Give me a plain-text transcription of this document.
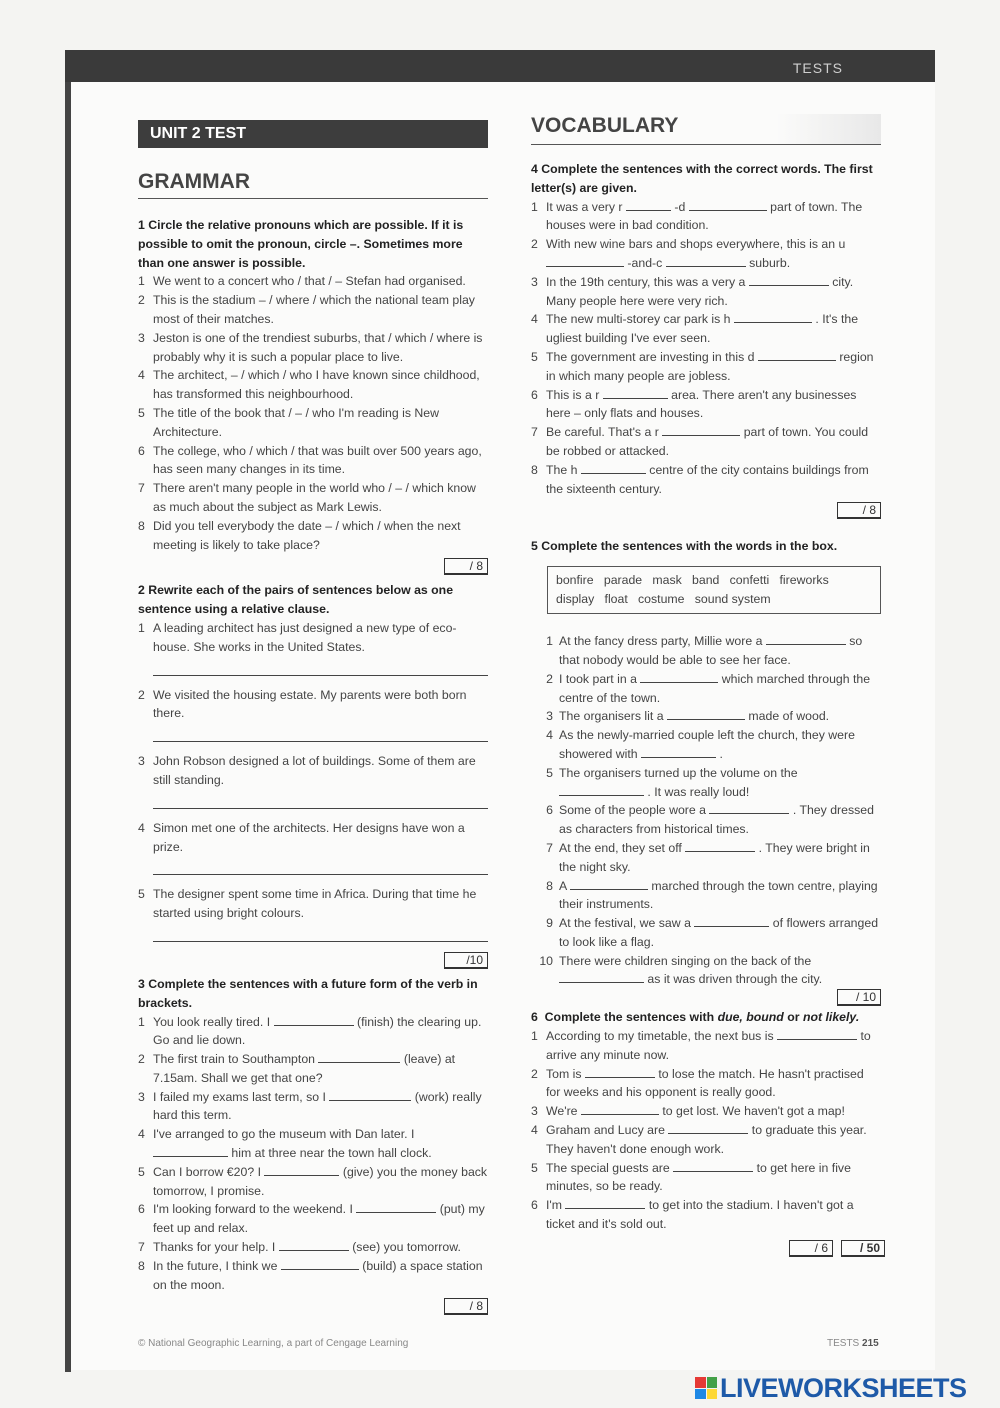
TESTS
UNIT 2 TEST
GRAMMAR
VOCABULARY
1 Circle the relative pronouns which are possible. If it is possible to omit the pronoun, circle –. Sometimes more than one answer is possible.
1 We went to a concert who / that / – Stefan had organised.
2 This is the stadium – / where / which the national team play most of their matches.
3 Jeston is one of the trendiest suburbs, that / which / where is probably why it is such a popular place to live.
4 The architect, – / which / who I have known since childhood, has transformed this neighbourhood.
5 The title of the book that / – / who I'm reading is New Architecture.
6 The college, who / which / that was built over 500 years ago, has seen many changes in its time.
7 There aren't many people in the world who / – / which know as much about the subject as Mark Lewis.
8 Did you tell everybody the date – / which / when the next meeting is likely to take place?
/ 8
2 Rewrite each of the pairs of sentences below as one sentence using a relative clause.
1 A leading architect has just designed a new type of eco-house. She works in the United States.
2 We visited the housing estate. My parents were both born there.
3 John Robson designed a lot of buildings. Some of them are still standing.
4 Simon met one of the architects. Her designs have won a prize.
5 The designer spent some time in Africa. During that time he started using bright colours.
/10
3 Complete the sentences with a future form of the verb in brackets.
1 You look really tired. I	(finish) the clearing up. Go and lie down.
2 The first train to Southampton	(leave) at 7.15am. Shall we get that one?
3 I failed my exams last term, so I	(work) really hard this term.
4 I've arranged to go the museum with Dan later. I  him at three near the town hall clock.
5 Can I borrow €20? I	(give) you the money back tomorrow, I promise.
6 I'm looking forward to the weekend. I	(put) my feet up and relax.
7 Thanks for your help. I	(see) you tomorrow.
8 In the future, I think we	(build) a space station on the moon.
/ 8
4 Complete the sentences with the correct words. The first letter(s) are given.
1 It was a very r	-d	part of town. The houses were in bad condition.
2 With new wine bars and shops everywhere, this is an u  -and-c	suburb.
3 In the 19th century, this was a very a	city. Many people here were very rich.
4 The new multi-storey car park is h	. It's the ugliest building I've ever seen.
5 The government are investing in this d	region in which many people are jobless.
6 This is a r	area. There aren't any businesses here – only flats and houses.
7 Be careful. That's a r	part of town. You could be robbed or attacked.
8 The h	centre of the city contains buildings from the sixteenth century.
/ 8
5 Complete the sentences with the words in the box.
bonfire   parade   mask   band   confetti   fireworks
display   float   costume   sound system
1 At the fancy dress party, Millie wore a	so that nobody would be able to see her face.
2 I took part in a	which marched through the centre of the town.
3 The organisers lit a	made of wood.
4 As the newly-married couple left the church, they were showered with	.
5 The organisers turned up the volume on the  . It was really loud!
6 Some of the people wore a	. They dressed as characters from historical times.
7 At the end, they set off	. They were bright in the night sky.
8 A	marched through the town centre, playing their instruments.
9 At the festival, we saw a	of flowers arranged to look like a flag.
10 There were children singing on the back of the  as it was driven through the city.
/ 10
6  Complete the sentences with due, bound or not likely.
1 According to my timetable, the next bus is	to arrive any minute now.
2 Tom is	to lose the match. He hasn't practised for weeks and his opponent is really good.
3 We're	to get lost. We haven't got a map!
4 Graham and Lucy are	to graduate this year. They haven't done enough work.
5 The special guests are	to get here in five minutes, so be ready.
6 I'm	to get into the stadium. I haven't got a ticket and it's sold out.
/ 6	/ 50
© National Geographic Learning, a part of Cengage Learning	TESTS 215
LIVEWORKSHEETS
